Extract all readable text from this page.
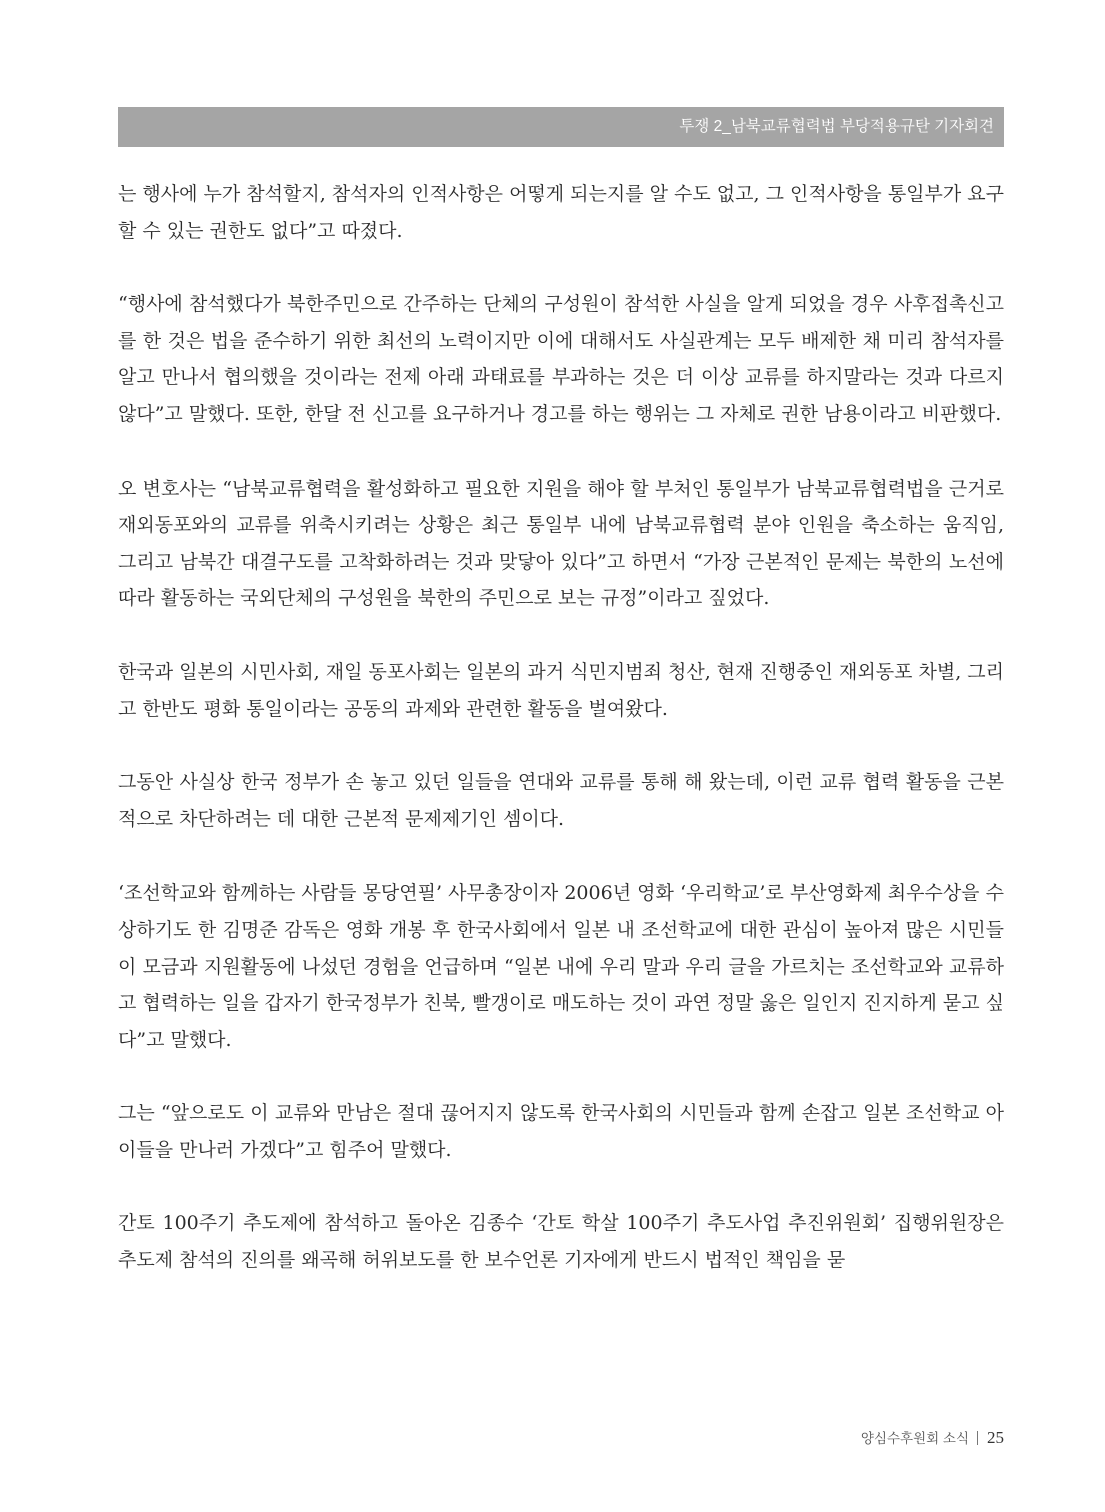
투쟁 2_남북교류협력법 부당적용규탄 기자회견

는 행사에 누가 참석할지, 참석자의 인적사항은 어떻게 되는지를 알 수도 없고, 그 인적사항을 통일부가 요구할 수 있는 권한도 없다”고 따졌다.

“행사에 참석했다가 북한주민으로 간주하는 단체의 구성원이 참석한 사실을 알게 되었을 경우 사후접촉신고를 한 것은 법을 준수하기 위한 최선의 노력이지만 이에 대해서도 사실관계는 모두 배제한 채 미리 참석자를 알고 만나서 협의했을 것이라는 전제 아래 과태료를 부과하는 것은 더 이상 교류를 하지말라는 것과 다르지 않다”고 말했다. 또한, 한달 전 신고를 요구하거나 경고를 하는 행위는 그 자체로 권한 남용이라고 비판했다.

오 변호사는 “남북교류협력을 활성화하고 필요한 지원을 해야 할 부처인 통일부가 남북교류협력법을 근거로 재외동포와의 교류를 위축시키려는 상황은 최근 통일부 내에 남북교류협력 분야 인원을 축소하는 움직임, 그리고 남북간 대결구도를 고착화하려는 것과 맞닿아 있다”고 하면서 “가장 근본적인 문제는 북한의 노선에 따라 활동하는 국외단체의 구성원을 북한의 주민으로 보는 규정”이라고 짚었다.

한국과 일본의 시민사회, 재일 동포사회는 일본의 과거 식민지범죄 청산, 현재 진행중인 재외동포 차별, 그리고 한반도 평화 통일이라는 공동의 과제와 관련한 활동을 벌여왔다.

그동안 사실상 한국 정부가 손 놓고 있던 일들을 연대와 교류를 통해 해 왔는데, 이런 교류 협력 활동을 근본적으로 차단하려는 데 대한 근본적 문제제기인 셈이다.

‘조선학교와 함께하는 사람들 몽당연필’ 사무총장이자 2006년 영화 ‘우리학교’로 부산영화제 최우수상을 수상하기도 한 김명준 감독은 영화 개봉 후 한국사회에서 일본 내 조선학교에 대한 관심이 높아져 많은 시민들이 모금과 지원활동에 나섰던 경험을 언급하며 “일본 내에 우리 말과 우리 글을 가르치는 조선학교와 교류하고 협력하는 일을 갑자기 한국정부가 친북, 빨갱이로 매도하는 것이 과연 정말 옳은 일인지 진지하게 묻고 싶다”고 말했다.

그는 “앞으로도 이 교류와 만남은 절대 끊어지지 않도록 한국사회의 시민들과 함께 손잡고 일본 조선학교 아이들을 만나러 가겠다”고 힘주어 말했다.

간토 100주기 추도제에 참석하고 돌아온 김종수 ‘간토 학살 100주기 추도사업 추진위원회’ 집행위원장은 추도제 참석의 진의를 왜곡해 허위보도를 한 보수언론 기자에게 반드시 법적인 책임을 묻

양심수후원회 소식 25
